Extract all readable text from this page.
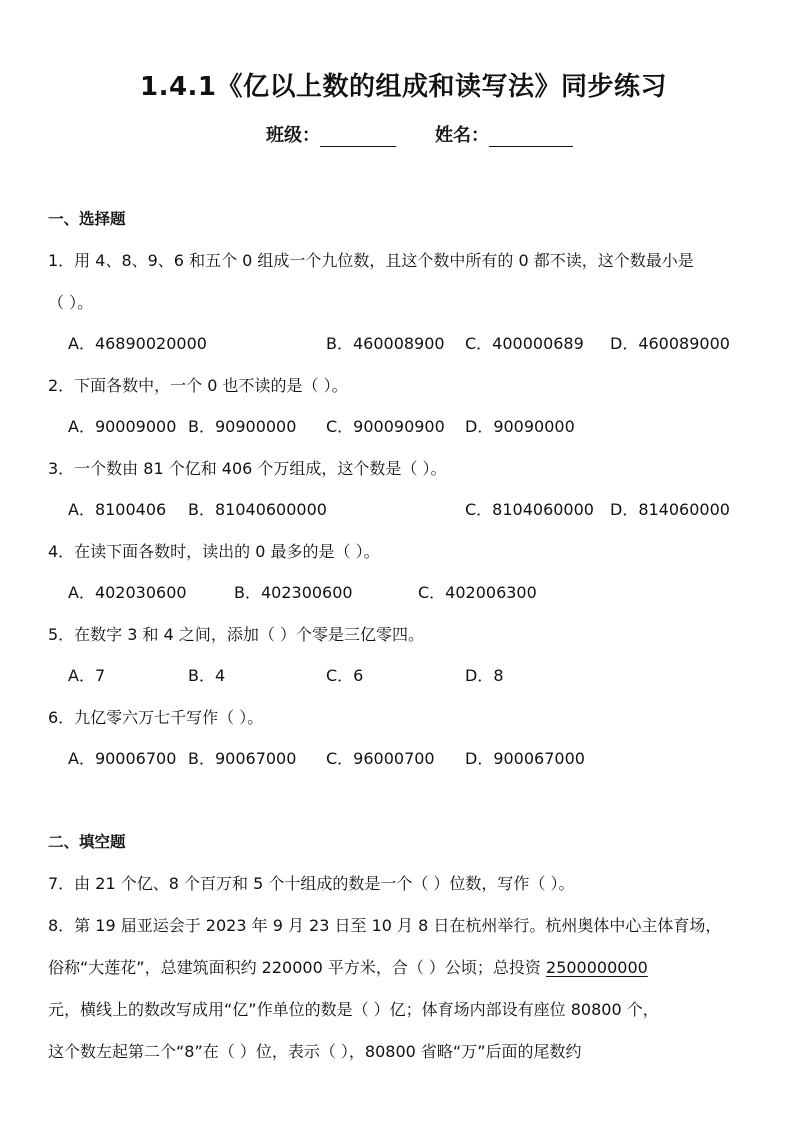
1.4.1《亿以上数的组成和读写法》同步练习
班级：	姓名：
一、选择题
1．用 4、8、9、6 和五个 0 组成一个九位数，且这个数中所有的 0 都不读，这个数最小是
（ ）。
A．46890020000	B．460008900 C．400000689 D．460089000
2．下面各数中，一个 0 也不读的是（ ）。
A．90009000 B．90900000 C．900090900 D．90090000
3．一个数由 81 个亿和 406 个万组成，这个数是（ ）。
A．8100406 B．81040600000	C．8104060000 D．814060000
4．在读下面各数时，读出的 0 最多的是（ ）。
A．402030600	B．402300600	C．402006300
5．在数字 3 和 4 之间，添加（ ）个零是三亿零四。
A．7	B．4	C．6	D．8
6．九亿零六万七千写作（ ）。
A．90006700 B．90067000 C．96000700 D．900067000
二、填空题
7．由 21 个亿、8 个百万和 5 个十组成的数是一个（ ）位数，写作（ ）。
8．第 19 届亚运会于 2023 年 9 月 23 日至 10 月 8 日在杭州举行。杭州奥体中心主体育场，
俗称“大莲花”，总建筑面积约 220000 平方米，合（ ）公顷；总投资 2500000000
元，横线上的数改写成用“亿”作单位的数是（ ）亿；体育场内部设有座位 80800 个，
这个数左起第二个“8”在（ ）位，表示（ ），80800 省略“万”后面的尾数约
